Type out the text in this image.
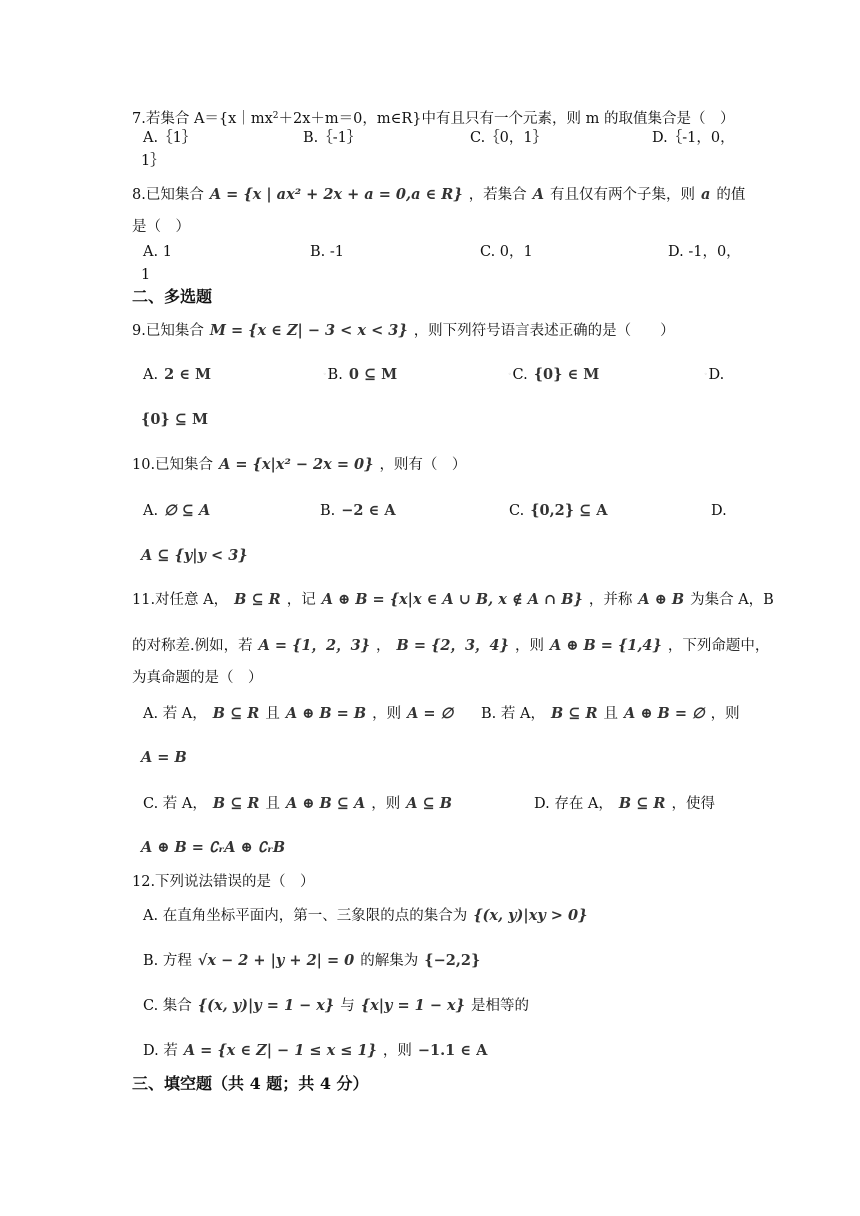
7.若集合 $A=\{x|mx^2+2x+m=0$，m∈R}中有且只有一个元素，则 m 的取值集合是（　）
A.｛1｝	B.｛-1｝	C.｛0，1｝	D.｛-1，0，
1｝
8.已知集合 A = {x | ax² + 2x + a = 0,a ∈ R} ，若集合 A 有且仅有两个子集，则 a 的值
是（　）
A. 1	B. -1	C. 0，1	D. -1，0，
1
二、多选题
9.已知集合 M = {x ∈ Z| − 3 < x < 3} ，则下列符号语言表述正确的是（　　）
A. 2 ∈ M	◦B. 0 ⊆ M	◦C. {0} ∈ M	◦D.
{0} ⊆ M
10.已知集合 A = {x|x² − 2x = 0} ，则有（　）
A. ∅ ⊆ A	B. −2 ∈ A	C. {0,2} ⊆ A	D.
A ⊆ {y|y < 3}
11.对任意 A， B ⊆ R ，记 A ⊕ B = {x|x ∈ A ∪ B, x ∉ A ∩ B} ，并称 A ⊕ B 为集合 A，B
的对称差.例如，若 A = {1，2，3} ， B = {2，3，4} ，则 A ⊕ B = {1,4} ，下列命题中，
为真命题的是（　）
A. 若 A， B ⊆ R 且 A ⊕ B = B ，则 A = ∅	B. 若 A， B ⊆ R 且 A ⊕ B = ∅ ，则
A = B
C. 若 A， B ⊆ R 且 A ⊕ B ⊆ A ，则 A ⊆ B	D. 存在 A， B ⊆ R ，使得
A ⊕ B = ∁ᵣA ⊕ ∁ᵣB
12.下列说法错误的是（　）
A. 在直角坐标平面内，第一、三象限的点的集合为 {(x, y)|xy > 0}
B. 方程 √x − 2 + |y + 2| = 0 的解集为 {−2,2}
C. 集合 {(x, y)|y = 1 − x} 与 {x|y = 1 − x} 是相等的
D. 若 A = {x ∈ Z| − 1 ≤ x ≤ 1} ，则 −1.1 ∈ A
三、填空题（共 4 题；共 4 分）
